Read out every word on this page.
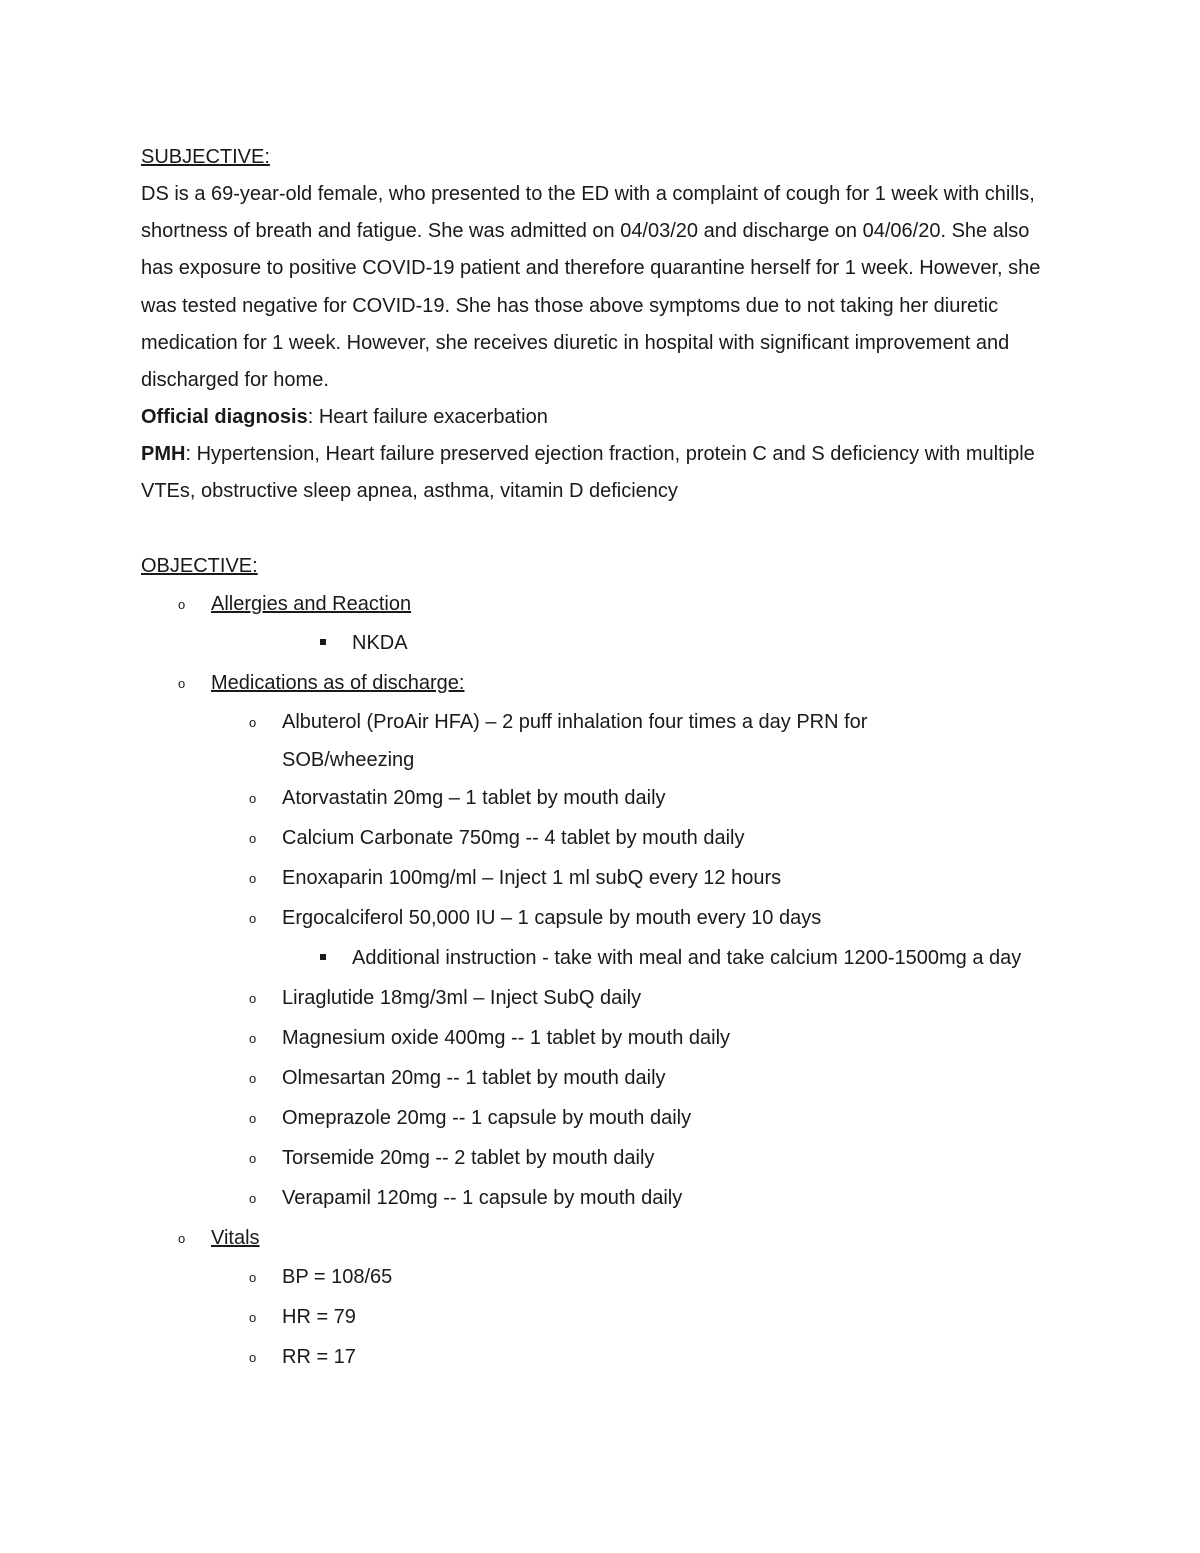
SUBJECTIVE:
DS is a 69-year-old female, who presented to the ED with a complaint of cough for 1 week with chills, shortness of breath and fatigue. She was admitted on 04/03/20 and discharge on 04/06/20. She also has exposure to positive COVID-19 patient and therefore quarantine herself for 1 week. However, she was tested negative for COVID-19. She has those above symptoms due to not taking her diuretic medication for 1 week. However, she receives diuretic in hospital with significant improvement and discharged for home.
Official diagnosis: Heart failure exacerbation
PMH: Hypertension, Heart failure preserved ejection fraction, protein C and S deficiency with multiple VTEs, obstructive sleep apnea, asthma, vitamin D deficiency
OBJECTIVE:
o Allergies and Reaction
NKDA
o Medications as of discharge:
o Albuterol (ProAir HFA) – 2 puff inhalation four times a day PRN for SOB/wheezing
o Atorvastatin 20mg – 1 tablet by mouth daily
o Calcium Carbonate 750mg -- 4 tablet by mouth daily
o Enoxaparin 100mg/ml – Inject 1 ml subQ every 12 hours
o Ergocalciferol 50,000 IU – 1 capsule by mouth every 10 days
Additional instruction - take with meal and take calcium 1200-1500mg a day
o Liraglutide 18mg/3ml – Inject SubQ daily
o Magnesium oxide 400mg -- 1 tablet by mouth daily
o Olmesartan 20mg -- 1 tablet by mouth daily
o Omeprazole 20mg -- 1 capsule by mouth daily
o Torsemide 20mg -- 2 tablet by mouth daily
o Verapamil 120mg -- 1 capsule by mouth daily
o Vitals
o BP = 108/65
o HR = 79
o RR = 17
